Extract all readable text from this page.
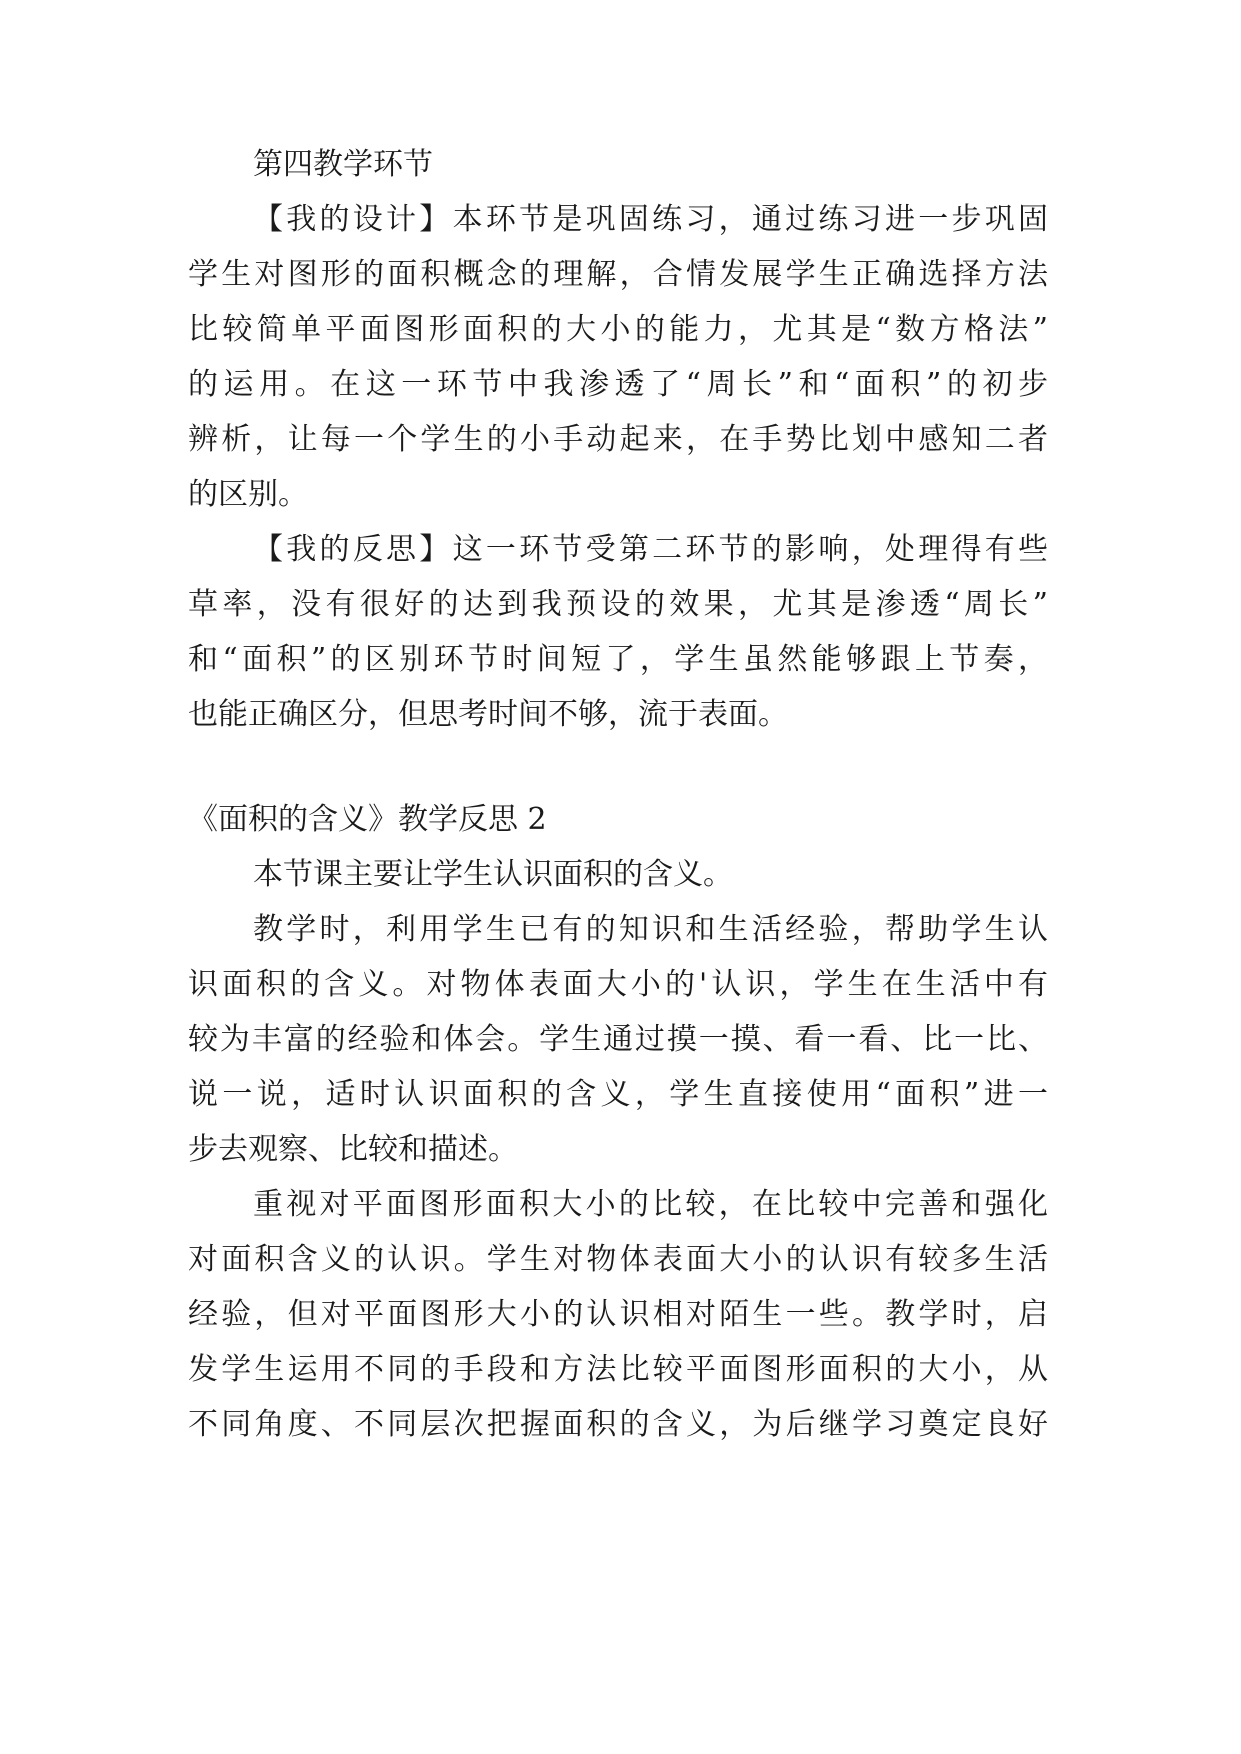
第四教学环节
【我的设计】本环节是巩固练习，通过练习进一步巩固
学生对图形的面积概念的理解，合情发展学生正确选择方法
比较简单平面图形面积的大小的能力，尤其是“数方格法”
的运用。在这一环节中我渗透了“周长”和“面积”的初步
辨析，让每一个学生的小手动起来，在手势比划中感知二者
的区别。
【我的反思】这一环节受第二环节的影响，处理得有些
草率，没有很好的达到我预设的效果，尤其是渗透“周长”
和“面积”的区别环节时间短了，学生虽然能够跟上节奏，
也能正确区分，但思考时间不够，流于表面。
《面积的含义》教学反思 2
本节课主要让学生认识面积的含义。
教学时，利用学生已有的知识和生活经验，帮助学生认
识面积的含义。对物体表面大小的'认识，学生在生活中有
较为丰富的经验和体会。学生通过摸一摸、看一看、比一比、
说一说，适时认识面积的含义，学生直接使用“面积”进一
步去观察、比较和描述。
重视对平面图形面积大小的比较，在比较中完善和强化
对面积含义的认识。学生对物体表面大小的认识有较多生活
经验，但对平面图形大小的认识相对陌生一些。教学时，启
发学生运用不同的手段和方法比较平面图形面积的大小，从
不同角度、不同层次把握面积的含义，为后继学习奠定良好
